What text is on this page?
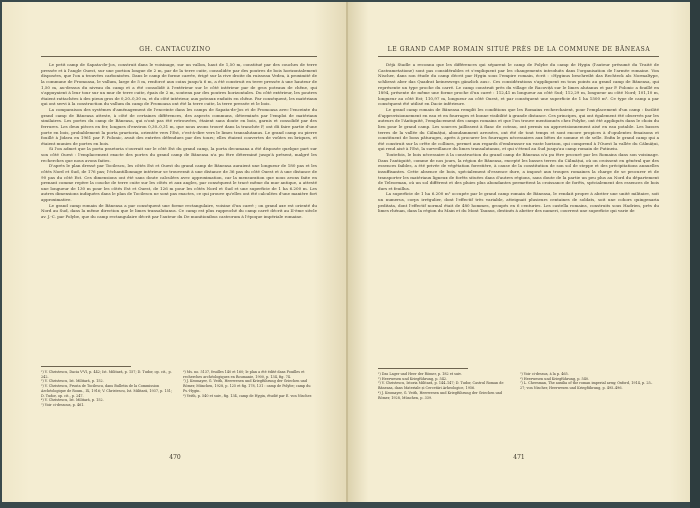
GH. CANTACUZINO

Le petit camp de Sapata-de-Jos, construit dans le voisinage, sur un vallon, haut de 1,50 m, constitué par des couches de terre pressée et à l'angle Ouest, sur une portion longue de 2 m, par de la terre cuite, consolidée par des poutres de bois horizontalement disposées, que l'on a trouvées carbonisées. Dans le camp de forme carrée, érigé sur la rive droite du ruisseau Vedea, à proximité de la commune de Fromoasa, le vallum, large de 5 m, renforcé aux coins jusqu'à 6 m, a été construit en terre pressée à une hauteur de 1,50 m, au-dessus du niveau du camp et a été consolidé à l'extérieur sur le côté intérieur par de gros poteaux de chêne, qui s'appuyaient à leur tour sur un mur de terre cuite, épais de 2 m, soutenu par des poutres horizontales. Du côté extérieur, les poutres étaient rattachées à des pieux gros de 0,20–0,30 m, et du côté intérieur, aux poteaux enduits en chêne. Par conséquent, les matériaux qui ont servi à la construction du vallum du camp de Fromoasa ont été la terre cuite, la terre pressée et le bois.

La comparaison des systèmes d'aménagement de l'enceinte dans les camps de Sapata-de-Jos et de Fromoasa avec l'enceinte du grand camp de Băneasa atteste, à côté de certaines différences, des aspects communs, déterminés par l'emploi de matériaux similaires. Les portes du camp de Băneasa, qui n'ont pas été retrouvées, étaient sans doute en bois, garnis et consolidé par des ferrures. Les deux pièces en fer, longues d'environ 0,30–0,31 m, que nous avons trouvé dans la tranchée F, ont dû faire partie d'une porte en bois, probablement la porta praetoria, orientée vers l'Est, c'est-à-dire vers le limes transalutanus. Le grand camp ou pierre fouillé à Jidava en 1961 par P. Polonic, avait des entrées défendues par des tours; elles étaient couvertes de voûtes en briques, et étaient munies de portes en bois.

Si l'on admet que la porta praetoria s'ouvrait sur le côté Est du grand camp, la porta decumana a été disposée quelque part sur son côté Ouest : l'emplacement exacte des portes du grand camp de Băneasa n'a pu être déterminé jusqu'à présent, malgré les recherches que nous avons faites.

D'après le plan dressé par Tocilescu, les côtés Est et Ouest du grand camp de Băneasa auraient une longueur de 180 pas et les côtés Nord et Sud, de 176 pas; l'échantillonnage intérieur se trouverait à une distance de 36 pas du côté Ouest et à une distance de 90 pas du côté Est. Ces dimensions ont été sans doute calculées avec approximation, car la mensuration que nous avons faite en prenant comme repère la couche de terre cuite sur les côtés et aux angles, par conséquent le tracé même du mur antique, a attesté une longueur de 130 m pour les côtés Est et Ouest, de 126 m pour les côtés Nord et Sud et une superficie de 1 ha 6.200 m. Les autres dimensions indiquées dans le plan de Tocilescu ne sont pas exactes, ce qui prouve qu'elles ont été calculées d'une manière fort approximative.

Le grand camp romain de Băneasa a par conséquent une forme rectangulaire, voisine d'un carré ; on grand axe est orienté du Nord au Sud, dans la même direction que le limes transalutanus. Ce camp est plus rapproché du camp carré décrit au II-ème siècle av. J.-C. par Polybe, que du camp rectangulaire décrit par l'auteur du De munitionibus castrorum à l'époque impériale romaine.

¹) V. Christescu, Dacia V-VI, p. 442; Ist. Militară, p. 157; D. Tudor, op. cit., p. 242.

²) V. Christescu, Ist. Militară, p. 152.

³) V. Christescu, Frusta de Tocilescu, dans Bulletin de la Commission Archéologique de Roum., IX, 1916; V. Christescu, Ist. Militară, 1937, p. 151; D. Tudor, op. cit., p. 247.

⁴) V. Christescu, Ist. Militară, p. 152.

⁵) Voir ci-dessous, p. 461.

⁶) Ms. no. 5137, feuilles 140 et 160; le plan a été édité dans Fouilles et recherches archéologiques en Roumanie, 1900, p. 134, fig. 74.

⁷) J. Kromayer, G. Veith, Heerwesen und Kriegführung der Griechen und Römer, München, 1928, p. 125 et fig. 178, 131 : camp de Polybe; camp du Ps.-Hygin.

⁸) Veith, p. 540 et suiv., fig. 134, camp de Hygin, étudié par E. von Nischer.

470
LE GRAND CAMP ROMAIN SITUÉ PRÈS DE LA COMMUNE DE BĂNEASA

Déjà Stadle a reconnu que les différences qui séparent le camp de Polybe du camp de Hygin (l'auteur présumé du Traité de Castrametatione) sont pas considérables et s'expliquent par les changements introduits dans l'organisation de l'armée romaine. Von Nischer, dans son étude du camp décrit par Hygin sous l'empire romain, écrit : «Hyginus beschreibt das Rechteck als Normaltype, schliesst aber das Quadrat keineswegs gänzlich aus». Ces considérations s'appliquent en tous points au grand camp de Băneasa, qui représente un type proche du carré. Le camp construit près du village de Racoviță sur le limes alutanus et par P. Polonic a fouillé en 1894, présente de même une forme proche d'un carré : 112,41 m longueur au côté Sud; 112,29 m, longueur au côté Nord; 101,10 m, longueur au côté Est; 110,97 m, longueur au côté Ouest, et par conséquent une superficie de 1 ha 1500 m². Ce type de camp a par conséquent été utilisé en Dacie inférieure.

Le grand camp romain de Băneasa remplit les conditions que les Romains recherchaient, pour l'emplacement d'un camp : facilité d'approvisionnement en eau et en fourrages et bonne visibilité à grande distance. Ces principes, qui ont également été observés par les auteurs de l'Antiquité, l'emplacement des camps romains et que l'on trouve mentionnés chez Polybe, ont été appliqués dans le choix du lieu pour le grand camp. Les sources jaillissent à flanc de coteau, ont permis un approvisionnement aisé en eau potable. Les basses terres de la vallée du Călmățui, abondamment arrosées, ont été de tout temps et sont encore propices à d'opulentes fenaisons et constituent de bons pâturages, après à procurer les fourrages nécessaires aux bêtes de somme et de selle. Enfin le grand camp qui a été construit sur la crête de collines, permet aux regards d'embrasser un vaste horizon, qui comprend à l'Ouest la vallée du Călmățui, qui rend aisé à l'Est, la surveillance du limes transalutanus, et qui s'étend au Sud jusqu'au camp romain de Putineiu.

Toutefois, le bois nécessaire à la construction du grand camp de Băneasa n'a pu être procuré par les Romains dans son voisinage. Dans l'antiquité, comme de nos jours, la région de Băneasa, excepté les basses terres du Călmățui, où on croissent en général que des essences faibles, a été privée de végétation forestière, à cause de la constitution de son sol de steppe et des précipitations annuelles insuffisantes. Cette absence de bois, spécialement d'essence dure, a imposé aux troupes romaines la charge de se procurer et de transporter les matériaux ligneux de forêts situées dans d'autres régions, sans doute de la partie un peu plus au Nord du département de Teleorman, où un sol différent et des pluies plus abondantes permettent la croissance de forêts, spécialement des essences de bois durs et feuillus.

La superficie de 1 ha 6.200 m² occupée par le grand camp romain de Băneasa, le rendait propre à abriter une unité militaire, soit un numerus, corps irrégulier, dont l'effectif très variable, atteignait plusieurs centaines de soldats, soit une cohors quingenaria peditata, dont l'effectif normal était de 480 hommes, groupés en 6 centuries. Les castella romains, construits sous Hadrien, près du limes rhénan, dans la région du Main et du Mont Taunus, destinés à abriter des numeri, couvrent une superficie qui varie de

¹) Das Lager und Heer der Römer, p. 182 et suiv.

²) Heerwesen und Kriegführung, p. 542.

³) V. Christescu, Istoria Militară, p. 144–147; D. Tudor, Castrul Roman de Băneasa, dans Materiale și Cercetări Arheologice, 1956.

⁴) J. Kromayer, G. Veith, Heerwesen und Kriegführung der Griechen und Römer, 1928, München, p. 339.

⁵) Voir ci-dessus, à la p. 465.

⁶) Heerwesen und Kriegführung, p. 540.

⁷) L. Cheesman, The auxilia of the roman imperial army, Oxford, 1914, p. 25–27; von Nischer, Heerwesen und Kriegführung, p. 495–496.

471
